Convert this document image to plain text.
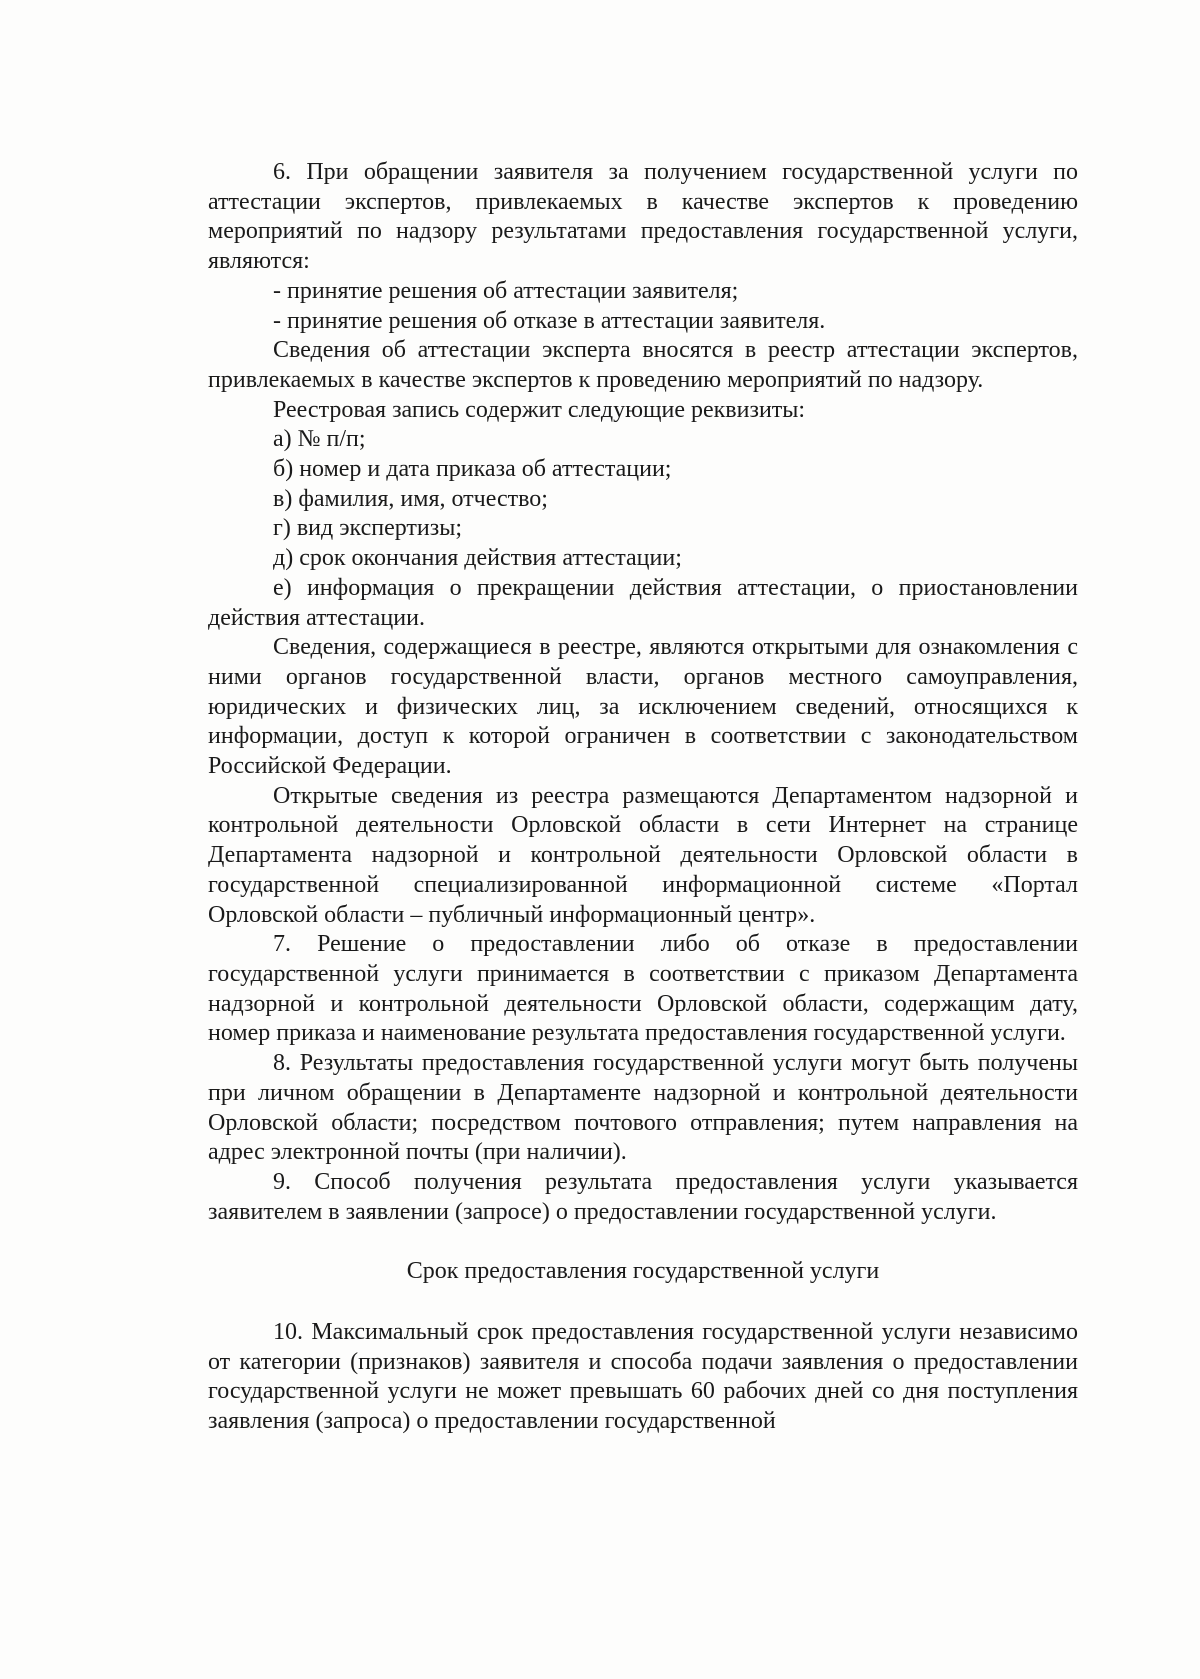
6. При обращении заявителя за получением государственной услуги по аттестации экспертов, привлекаемых в качестве экспертов к проведению мероприятий по надзору результатами предоставления государственной услуги, являются:

- принятие решения об аттестации заявителя;

- принятие решения об отказе в аттестации заявителя.

Сведения об аттестации эксперта вносятся в реестр аттестации экспертов, привлекаемых в качестве экспертов к проведению мероприятий по надзору.

Реестровая запись содержит следующие реквизиты:

а) № п/п;

б) номер и дата приказа об аттестации;

в) фамилия, имя, отчество;

г) вид экспертизы;

д) срок окончания действия аттестации;

е) информация о прекращении действия аттестации, о приостановлении действия аттестации.

Сведения, содержащиеся в реестре, являются открытыми для ознакомления с ними органов государственной власти, органов местного самоуправления, юридических и физических лиц, за исключением сведений, относящихся к информации, доступ к которой ограничен в соответствии с законодательством Российской Федерации.

Открытые сведения из реестра размещаются Департаментом надзорной и контрольной деятельности Орловской области в сети Интернет на странице Департамента надзорной и контрольной деятельности Орловской области в государственной специализированной информационной системе «Портал Орловской области – публичный информационный центр».

7. Решение о предоставлении либо об отказе в предоставлении государственной услуги принимается в соответствии с приказом Департамента надзорной и контрольной деятельности Орловской области, содержащим дату, номер приказа и наименование результата предоставления государственной услуги.

8. Результаты предоставления государственной услуги могут быть получены при личном обращении в Департаменте надзорной и контрольной деятельности Орловской области; посредством почтового отправления; путем направления на адрес электронной почты (при наличии).

9. Способ получения результата предоставления услуги указывается заявителем в заявлении (запросе) о предоставлении государственной услуги.

Срок предоставления государственной услуги

10. Максимальный срок предоставления государственной услуги независимо от категории (признаков) заявителя и способа подачи заявления о предоставлении государственной услуги не может превышать 60 рабочих дней со дня поступления заявления (запроса) о предоставлении государственной
